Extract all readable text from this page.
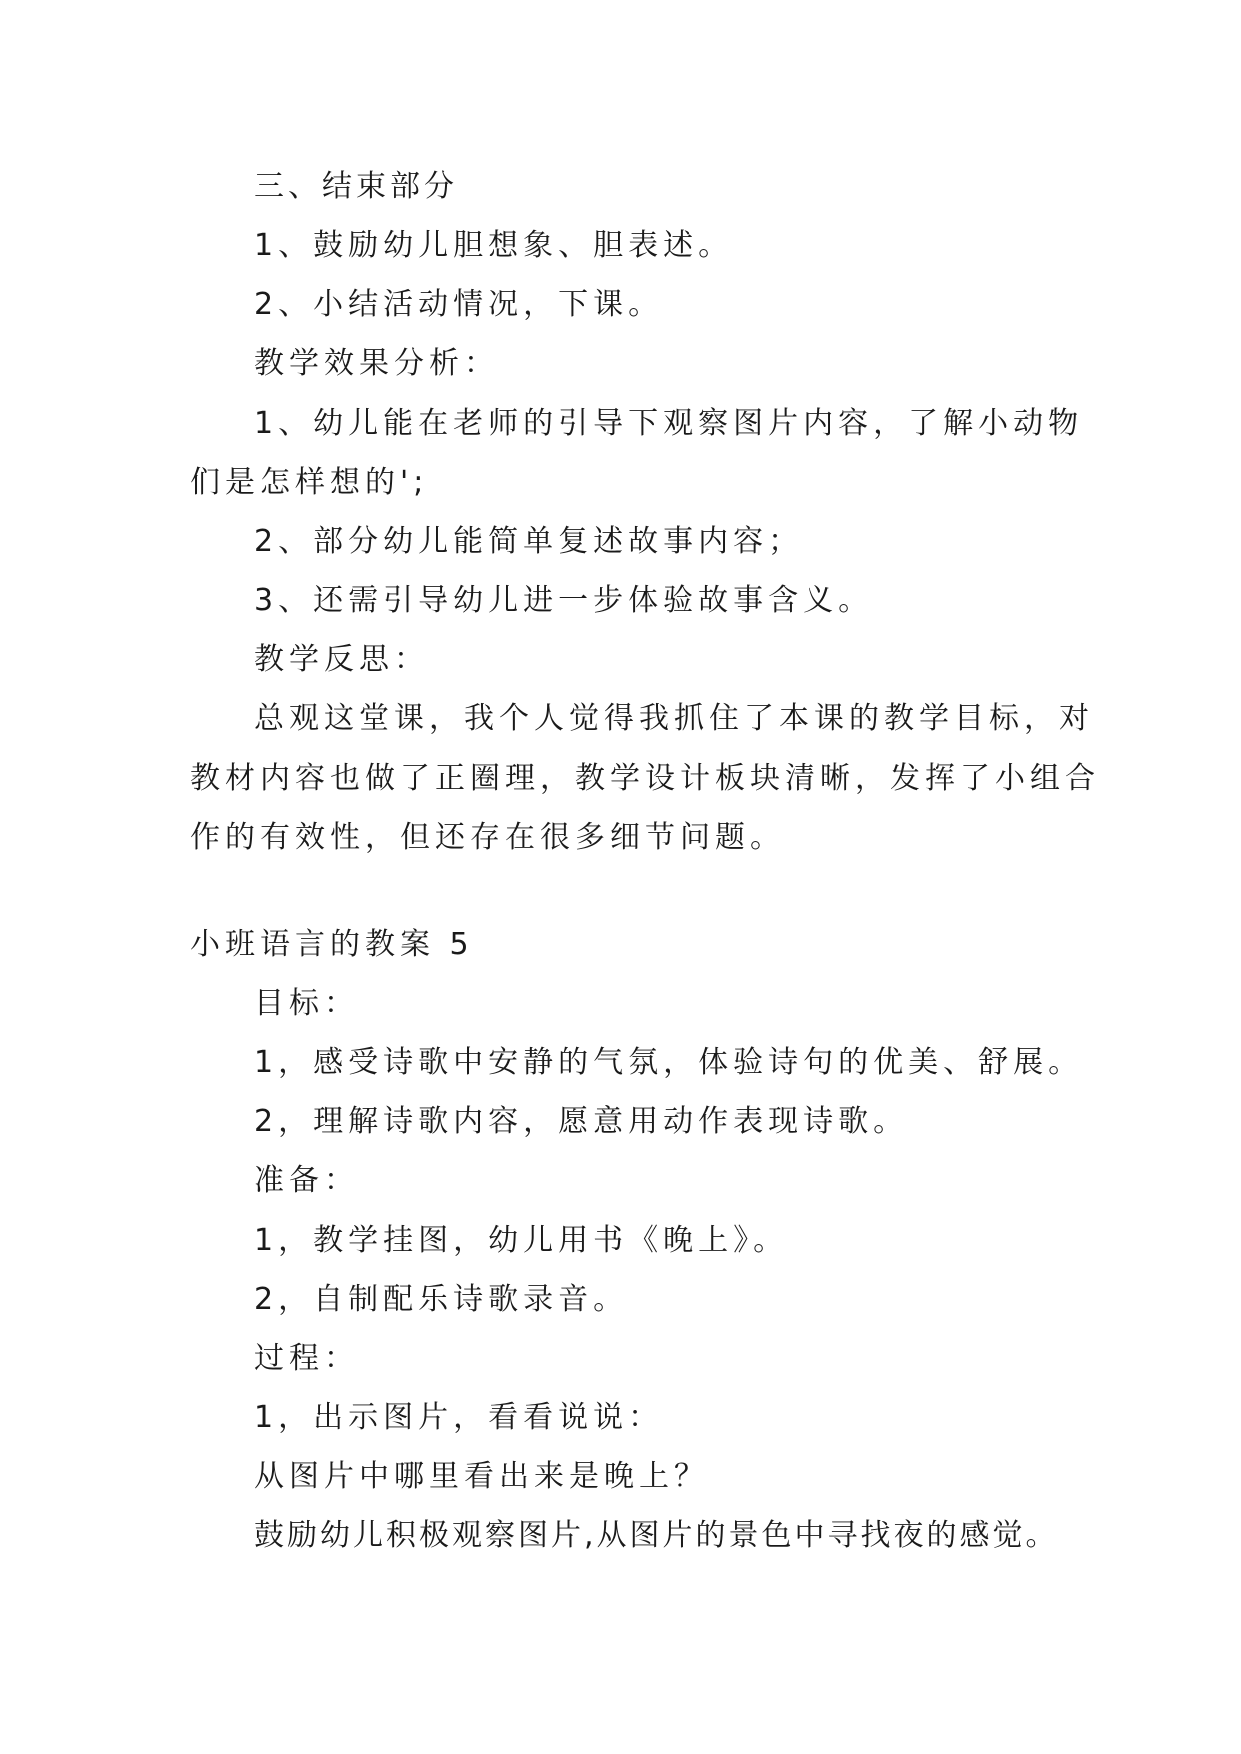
三、结束部分

1、鼓励幼儿胆想象、胆表述。

2、小结活动情况，下课。

教学效果分析：

1、幼儿能在老师的引导下观察图片内容，了解小动物

们是怎样想的';

2、部分幼儿能简单复述故事内容；

3、还需引导幼儿进一步体验故事含义。

教学反思：

总观这堂课，我个人觉得我抓住了本课的教学目标，对

教材内容也做了正圈理，教学设计板块清晰，发挥了小组合

作的有效性，但还存在很多细节问题。

小班语言的教案 5

目标：

1，感受诗歌中安静的气氛，体验诗句的优美、舒展。

2，理解诗歌内容，愿意用动作表现诗歌。

准备：

1，教学挂图，幼儿用书《晚上》。

2，自制配乐诗歌录音。

过程：

1，出示图片，看看说说：

从图片中哪里看出来是晚上？

鼓励幼儿积极观察图片,从图片的景色中寻找夜的感觉。
